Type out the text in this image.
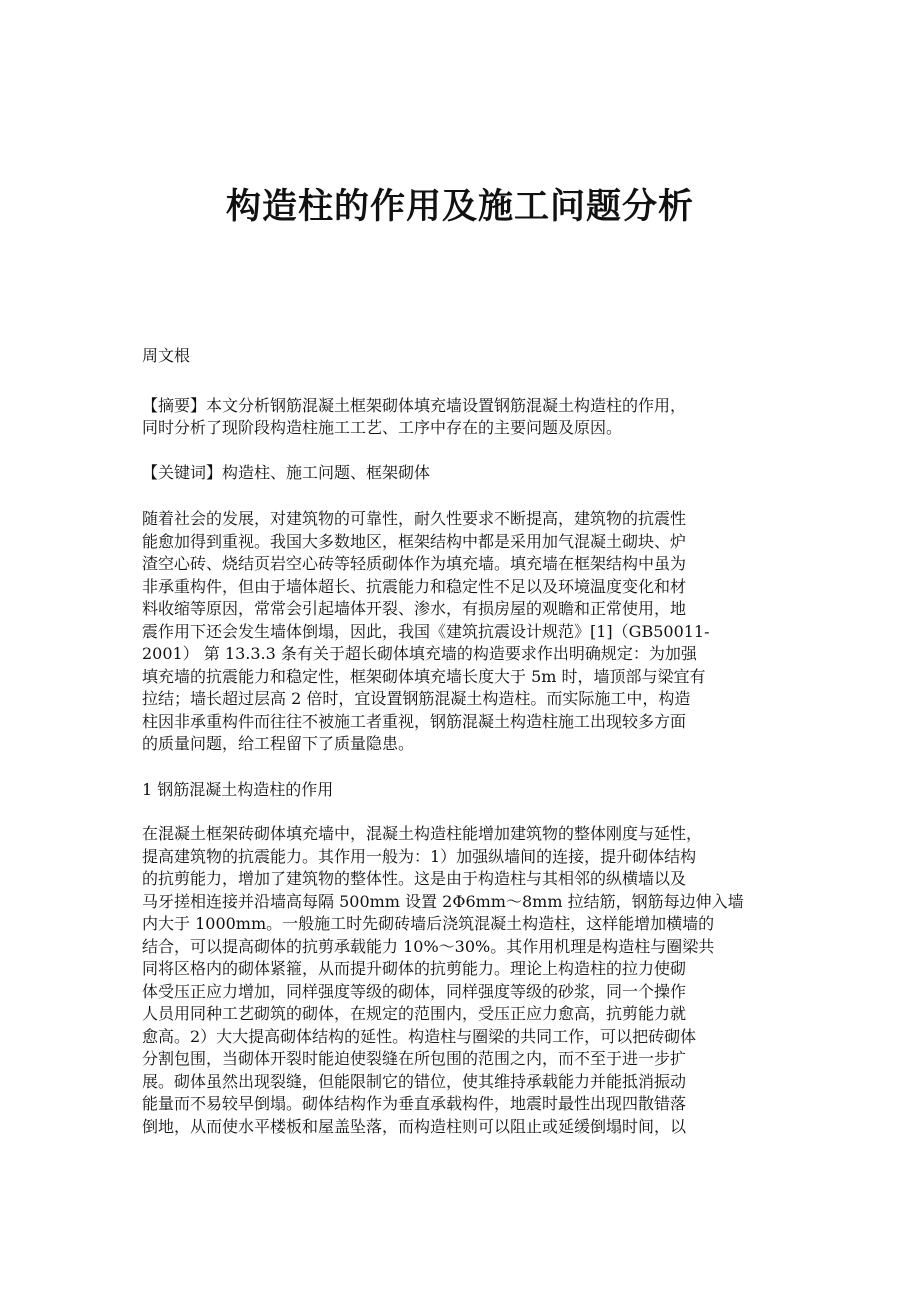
构造柱的作用及施工问题分析

周文根

【摘要】本文分析钢筋混凝土框架砌体填充墙设置钢筋混凝土构造柱的作用，
同时分析了现阶段构造柱施工工艺、工序中存在的主要问题及原因。

【关键词】构造柱、施工问题、框架砌体

随着社会的发展，对建筑物的可靠性，耐久性要求不断提高，建筑物的抗震性
能愈加得到重视。我国大多数地区，框架结构中都是采用加气混凝土砌块、炉
渣空心砖、烧结页岩空心砖等轻质砌体作为填充墙。填充墙在框架结构中虽为
非承重构件，但由于墙体超长、抗震能力和稳定性不足以及环境温度变化和材
料收缩等原因，常常会引起墙体开裂、渗水，有损房屋的观瞻和正常使用，地
震作用下还会发生墙体倒塌，因此，我国《建筑抗震设计规范》[1]（GB50011-
2001） 第 13.3.3 条有关于超长砌体填充墙的构造要求作出明确规定：为加强
填充墙的抗震能力和稳定性，框架砌体填充墙长度大于 5m 时，墙顶部与梁宜有
拉结；墙长超过层高 2 倍时，宜设置钢筋混凝土构造柱。而实际施工中，构造
柱因非承重构件而往往不被施工者重视，钢筋混凝土构造柱施工出现较多方面
的质量问题，给工程留下了质量隐患。

1 钢筋混凝土构造柱的作用

在混凝土框架砖砌体填充墙中，混凝土构造柱能增加建筑物的整体刚度与延性，
提高建筑物的抗震能力。其作用一般为：1）加强纵墙间的连接，提升砌体结构
的抗剪能力，增加了建筑物的整体性。这是由于构造柱与其相邻的纵横墙以及
马牙搓相连接并沿墙高每隔 500mm 设置 2Φ6mm～8mm 拉结筋，钢筋每边伸入墙
内大于 1000mm。一般施工时先砌砖墙后浇筑混凝土构造柱，这样能增加横墙的
结合，可以提高砌体的抗剪承载能力 10%～30%。其作用机理是构造柱与圈梁共
同将区格内的砌体紧箍，从而提升砌体的抗剪能力。理论上构造柱的拉力使砌
体受压正应力增加，同样强度等级的砌体，同样强度等级的砂浆，同一个操作
人员用同种工艺砌筑的砌体，在规定的范围内，受压正应力愈高，抗剪能力就
愈高。2）大大提高砌体结构的延性。构造柱与圈梁的共同工作，可以把砖砌体
分割包围，当砌体开裂时能迫使裂缝在所包围的范围之内，而不至于进一步扩
展。砌体虽然出现裂缝，但能限制它的错位，使其维持承载能力并能抵消振动
能量而不易较早倒塌。砌体结构作为垂直承载构件，地震时最性出现四散错落
倒地，从而使水平楼板和屋盖坠落，而构造柱则可以阻止或延缓倒塌时间，以
